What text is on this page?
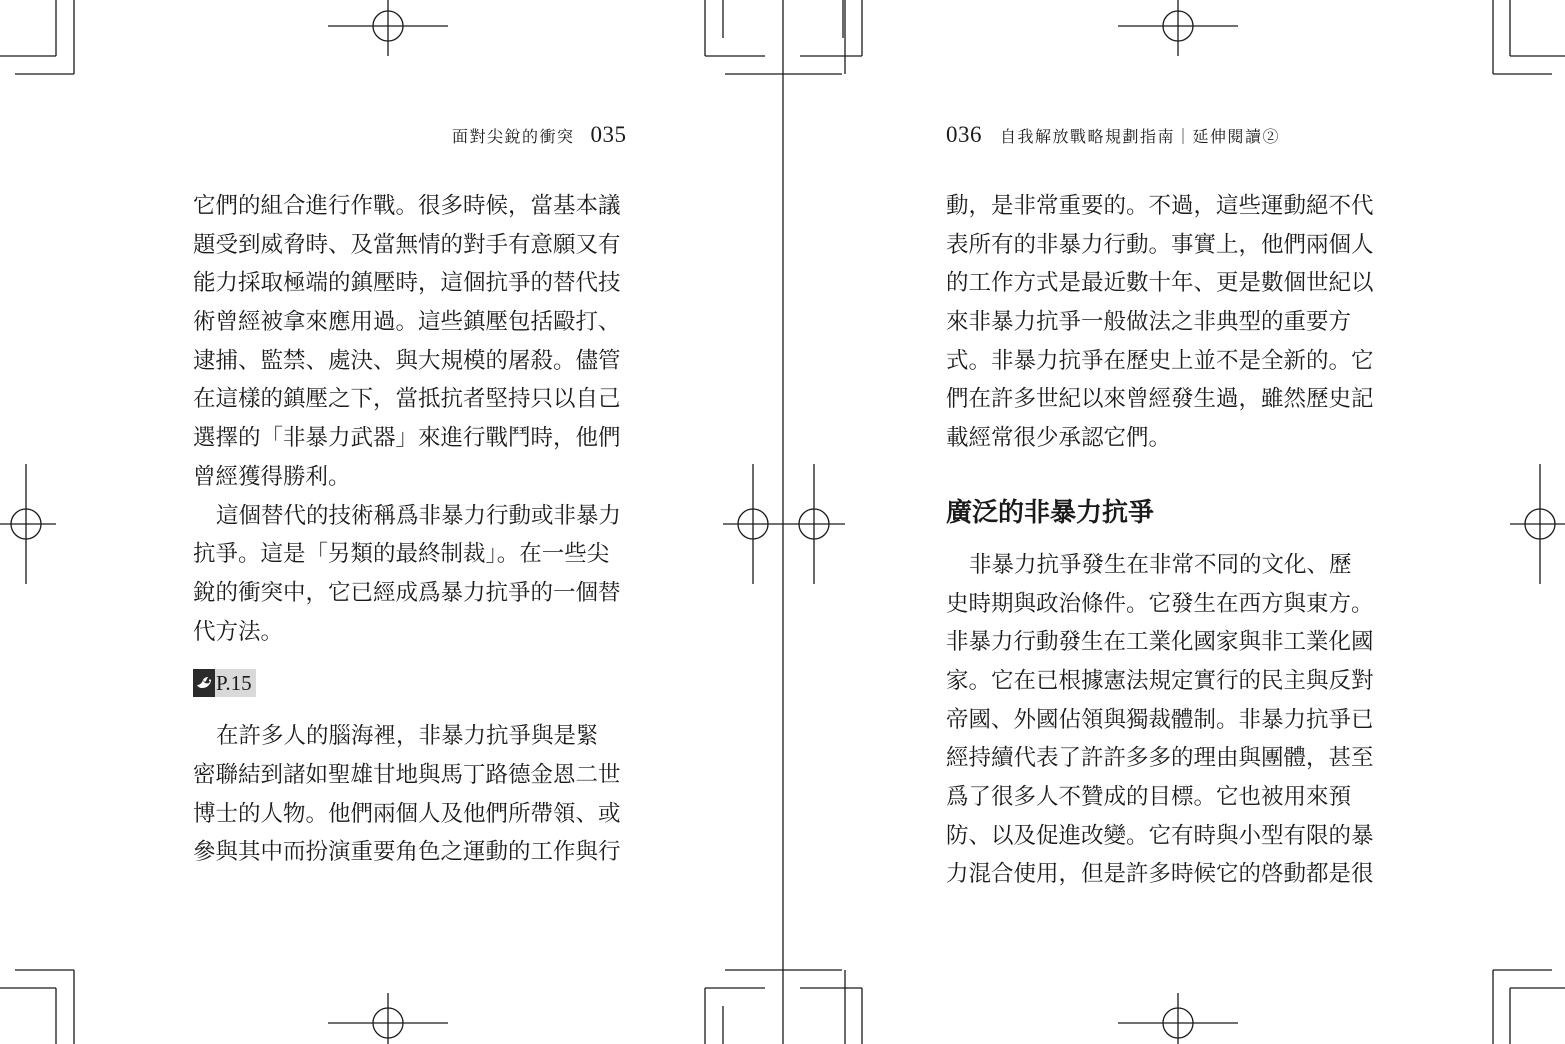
面對尖銳的衝突 035	036 自我解放戰略規劃指南｜延伸閱讀②
它們的組合進行作戰。很多時候，當基本議
題受到威脅時、及當無情的對手有意願又有
能力採取極端的鎮壓時，這個抗爭的替代技
術曾經被拿來應用過。這些鎮壓包括毆打、
逮捕、監禁、處決、與大規模的屠殺。儘管
在這樣的鎮壓之下，當抵抗者堅持只以自己
選擇的「非暴力武器」來進行戰鬥時，他們
曾經獲得勝利。
這個替代的技術稱爲非暴力行動或非暴力
抗爭。這是「另類的最終制裁」。在一些尖
銳的衝突中，它已經成爲暴力抗爭的一個替
代方法。
P.15
在許多人的腦海裡，非暴力抗爭與是緊
密聯結到諸如聖雄甘地與馬丁路德金恩二世
博士的人物。他們兩個人及他們所帶領、或
參與其中而扮演重要角色之運動的工作與行
動，是非常重要的。不過，這些運動絕不代
表所有的非暴力行動。事實上，他們兩個人
的工作方式是最近數十年、更是數個世紀以
來非暴力抗爭一般做法之非典型的重要方
式。非暴力抗爭在歷史上並不是全新的。它
們在許多世紀以來曾經發生過，雖然歷史記
載經常很少承認它們。
廣泛的非暴力抗爭
非暴力抗爭發生在非常不同的文化、歷
史時期與政治條件。它發生在西方與東方。
非暴力行動發生在工業化國家與非工業化國
家。它在已根據憲法規定實行的民主與反對
帝國、外國佔領與獨裁體制。非暴力抗爭已
經持續代表了許許多多的理由與團體，甚至
爲了很多人不贊成的目標。它也被用來預
防、以及促進改變。它有時與小型有限的暴
力混合使用，但是許多時候它的啓動都是很
